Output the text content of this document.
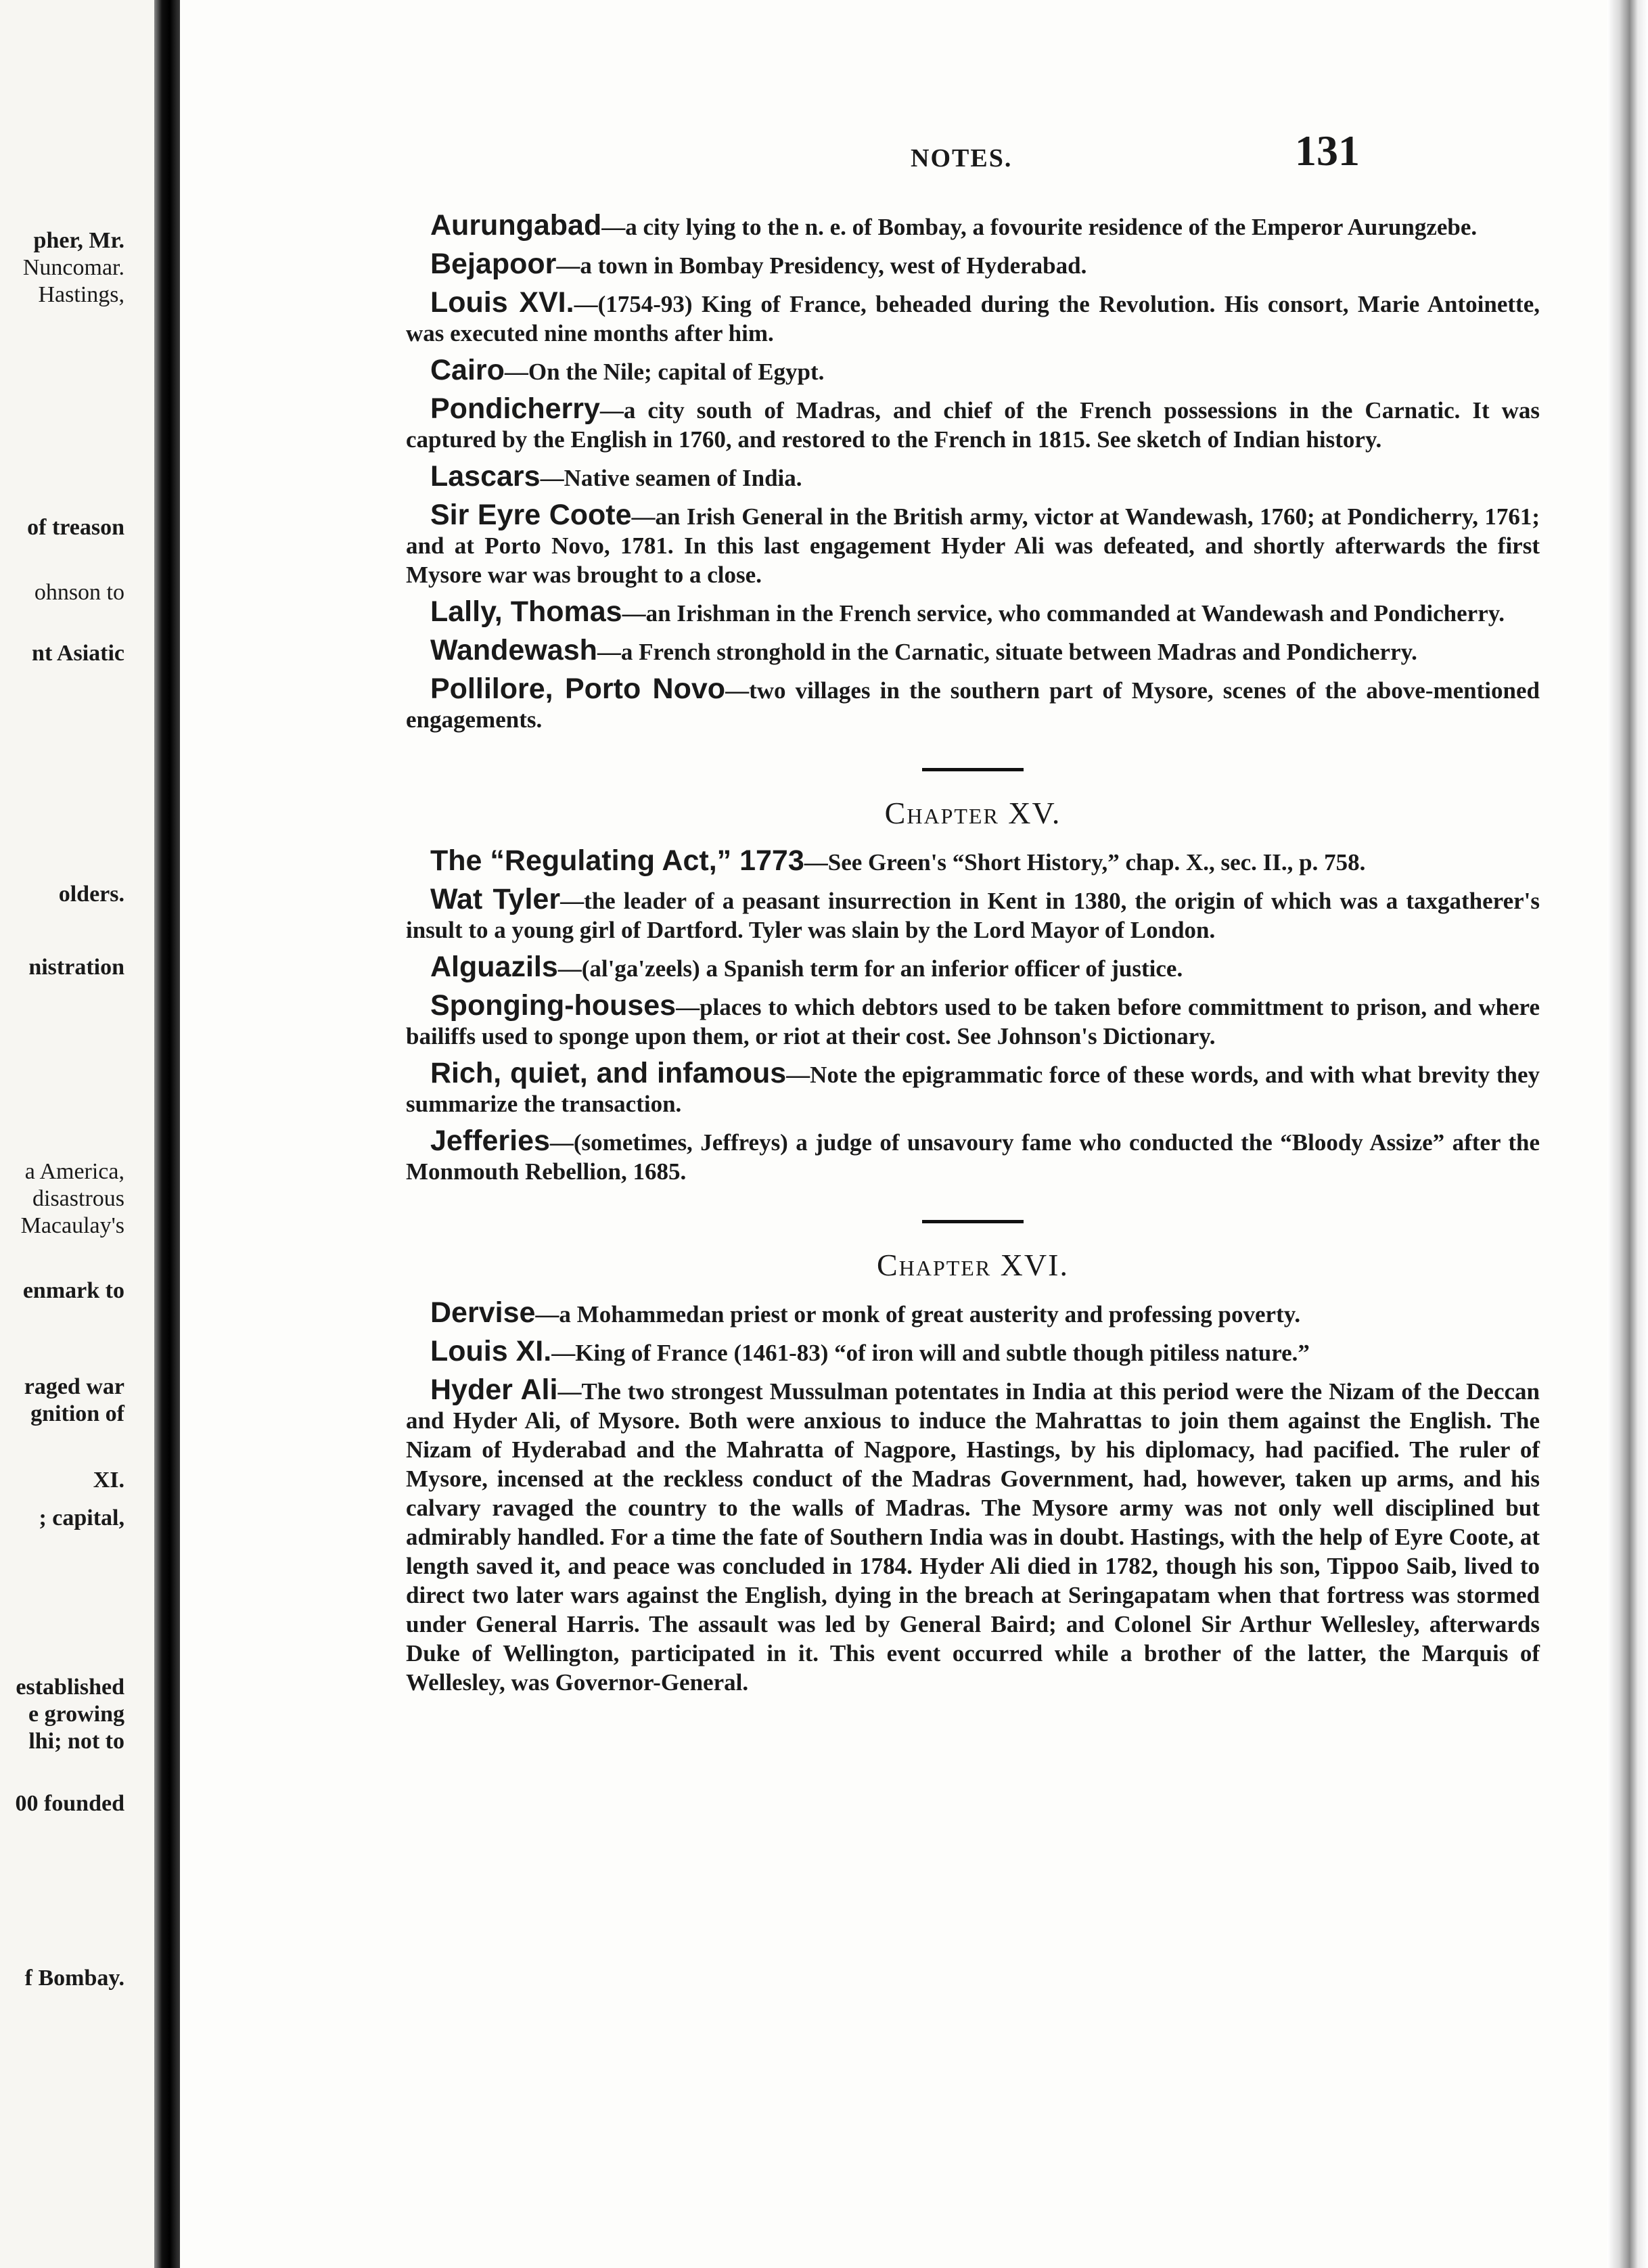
pher, Mr.
Nuncomar.
Hastings,
of treason
ohnson to
nt Asiatic
olders.
nistration
a America,
disastrous
Macaulay's
enmark to
raged war
gnition of
XI.
; capital,
established
e growing
lhi; not to
00 founded
f Bombay.
NOTES.	131

Aurungabad—a city lying to the n. e. of Bombay, a fovourite residence of the Emperor Aurungzebe.

Bejapoor—a town in Bombay Presidency, west of Hyderabad.

Louis XVI.—(1754-93) King of France, beheaded during the Revolution. His consort, Marie Antoinette, was executed nine months after him.

Cairo—On the Nile; capital of Egypt.

Pondicherry—a city south of Madras, and chief of the French possessions in the Carnatic. It was captured by the English in 1760, and restored to the French in 1815. See sketch of Indian history.

Lascars—Native seamen of India.

Sir Eyre Coote—an Irish General in the British army, victor at Wandewash, 1760; at Pondicherry, 1761; and at Porto Novo, 1781. In this last engagement Hyder Ali was defeated, and shortly afterwards the first Mysore war was brought to a close.

Lally, Thomas—an Irishman in the French service, who commanded at Wandewash and Pondicherry.

Wandewash—a French stronghold in the Carnatic, situate between Madras and Pondicherry.

Pollilore, Porto Novo—two villages in the southern part of Mysore, scenes of the above-mentioned engagements.

Chapter XV.

The “Regulating Act,” 1773—See Green's “Short History,” chap. X., sec. II., p. 758.

Wat Tyler—the leader of a peasant insurrection in Kent in 1380, the origin of which was a taxgatherer's insult to a young girl of Dartford. Tyler was slain by the Lord Mayor of London.

Alguazils—(al'ga'zeels) a Spanish term for an inferior officer of justice.

Sponging-houses—places to which debtors used to be taken before committment to prison, and where bailiffs used to sponge upon them, or riot at their cost. See Johnson's Dictionary.

Rich, quiet, and infamous—Note the epigrammatic force of these words, and with what brevity they summarize the transaction.

Jefferies—(sometimes, Jeffreys) a judge of unsavoury fame who conducted the “Bloody Assize” after the Monmouth Rebellion, 1685.

Chapter XVI.

Dervise—a Mohammedan priest or monk of great austerity and professing poverty.

Louis XI.—King of France (1461-83) “of iron will and subtle though pitiless nature.”

Hyder Ali—The two strongest Mussulman potentates in India at this period were the Nizam of the Deccan and Hyder Ali, of Mysore. Both were anxious to induce the Mahrattas to join them against the English. The Nizam of Hyderabad and the Mahratta of Nagpore, Hastings, by his diplomacy, had pacified. The ruler of Mysore, incensed at the reckless conduct of the Madras Government, had, however, taken up arms, and his calvary ravaged the country to the walls of Madras. The Mysore army was not only well disciplined but admirably handled. For a time the fate of Southern India was in doubt. Hastings, with the help of Eyre Coote, at length saved it, and peace was concluded in 1784. Hyder Ali died in 1782, though his son, Tippoo Saib, lived to direct two later wars against the English, dying in the breach at Seringapatam when that fortress was stormed under General Harris. The assault was led by General Baird; and Colonel Sir Arthur Wellesley, afterwards Duke of Wellington, participated in it. This event occurred while a brother of the latter, the Marquis of Wellesley, was Governor-General.
